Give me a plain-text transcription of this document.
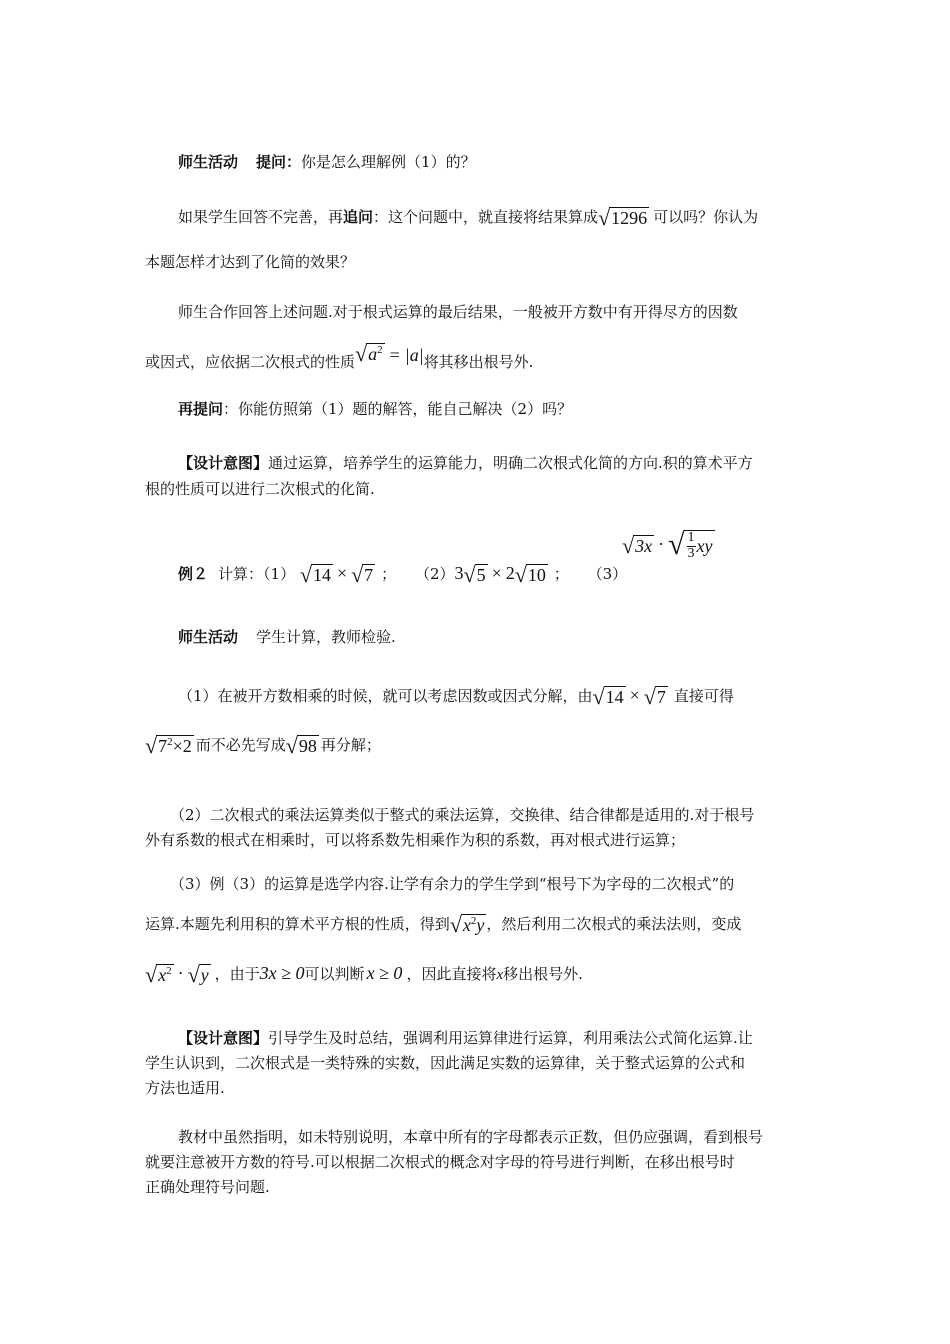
师生活动 提问：你是怎么理解例（1）的？
如果学生回答不完善，再追问：这个问题中，就直接将结果算成 √ 1296 可以吗？你认为
本题怎样才达到了化简的效果？
师生合作回答上述问题.对于根式运算的最后结果，一般被开方数中有开得尽方的因数
或因式，应依据二次根式的性质 √ $a^2 = |a|$将其移出根号外.
再提问：你能仿照第（1）题的解答，能自己解决（2）吗？
【设计意图】通过运算，培养学生的运算能力，明确二次根式化简的方向.积的算术平方
根的性质可以进行二次根式的化简.
例２ 计算：（1） √ 14 × √ 7 ； （2）3 √ 5 × 2 √ 10 ； （3）
√ 3x · √ $\frac{1}{3}$ xy
师生活动 学生计算，教师检验.
（1）在被开方数相乘的时候，就可以考虑因数或因式分解，由 √ 14 × √ 7 直接可得
√ $7^2\times 2$ 而不必先写成 √ 98 再分解；
（2）二次根式的乘法运算类似于整式的乘法运算，交换律、结合律都是适用的.对于根号
外有系数的根式在相乘时，可以将系数先相乘作为积的系数，再对根式进行运算；
（3）例（3）的运算是选学内容.让学有余力的学生学到“根号下为字母的二次根式”的
运算.本题先利用积的算术平方根的性质，得到 √ $x^2y$ ，然后利用二次根式的乘法法则，变成
√ $x^2$ · √ y ，由于3x ≥ 0可以判断 x ≥ 0 ，因此直接将x移出根号外.
【设计意图】引导学生及时总结，强调利用运算律进行运算，利用乘法公式简化运算.让
学生认识到，二次根式是一类特殊的实数，因此满足实数的运算律，关于整式运算的公式和
方法也适用.
教材中虽然指明，如未特别说明，本章中所有的字母都表示正数，但仍应强调，看到根号
就要注意被开方数的符号.可以根据二次根式的概念对字母的符号进行判断，在移出根号时
正确处理符号问题.
